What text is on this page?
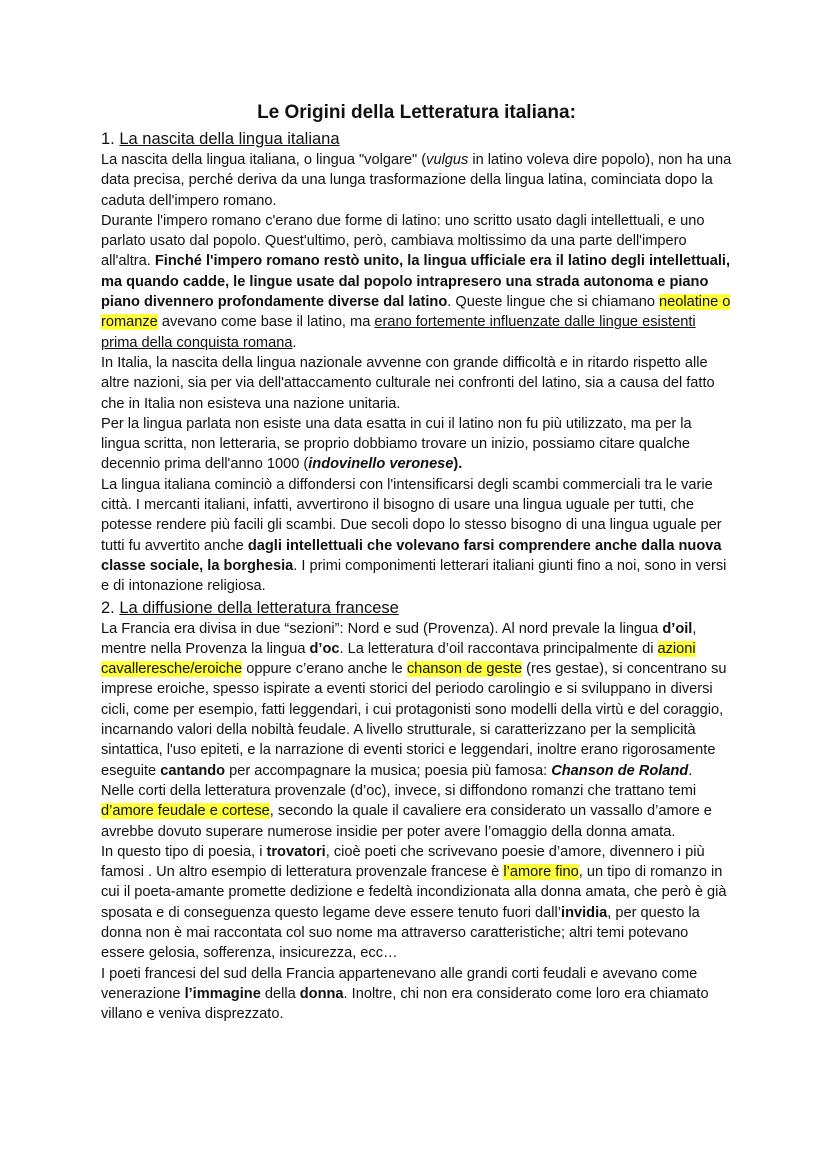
Le Origini della Letteratura italiana:
1. La nascita della lingua italiana

La nascita della lingua italiana, o lingua "volgare" (vulgus in latino voleva dire popolo), non ha una data precisa, perché deriva da una lunga trasformazione della lingua latina, cominciata dopo la caduta dell'impero romano.

Durante l'impero romano c'erano due forme di latino: uno scritto usato dagli intellettuali, e uno parlato usato dal popolo. Quest'ultimo, però, cambiava moltissimo da una parte dell'impero all'altra. Finché l'impero romano restò unito, la lingua ufficiale era il latino degli intellettuali, ma quando cadde, le lingue usate dal popolo intrapresero una strada autonoma e piano piano divennero profondamente diverse dal latino. Queste lingue che si chiamano neolatine o romanze avevano come base il latino, ma erano fortemente influenzate dalle lingue esistenti prima della conquista romana.

In Italia, la nascita della lingua nazionale avvenne con grande difficoltà e in ritardo rispetto alle altre nazioni, sia per via dell'attaccamento culturale nei confronti del latino, sia a causa del fatto che in Italia non esisteva una nazione unitaria.

Per la lingua parlata non esiste una data esatta in cui il latino non fu più utilizzato, ma per la lingua scritta, non letteraria, se proprio dobbiamo trovare un inizio, possiamo citare qualche decennio prima dell'anno 1000 (indovinello veronese).

La lingua italiana cominciò a diffondersi con l'intensificarsi degli scambi commerciali tra le varie città. I mercanti italiani, infatti, avvertirono il bisogno di usare una lingua uguale per tutti, che potesse rendere più facili gli scambi. Due secoli dopo lo stesso bisogno di una lingua uguale per tutti fu avvertito anche dagli intellettuali che volevano farsi comprendere anche dalla nuova classe sociale, la borghesia. I primi componimenti letterari italiani giunti fino a noi, sono in versi e di intonazione religiosa.

2. La diffusione della letteratura francese

La Francia era divisa in due “sezioni”: Nord e sud (Provenza). Al nord prevale la lingua d’oil, mentre nella Provenza la lingua d’oc. La letteratura d’oil raccontava principalmente di azioni cavalleresche/eroiche oppure c’erano anche le chanson de geste (res gestae), si concentrano su imprese eroiche, spesso ispirate a eventi storici del periodo carolingio e si sviluppano in diversi cicli, come per esempio, fatti leggendari, i cui protagonisti sono modelli della virtù e del coraggio, incarnando valori della nobiltà feudale. A livello strutturale, si caratterizzano per la semplicità sintattica, l'uso epiteti, e la narrazione di eventi storici e leggendari, inoltre erano rigorosamente eseguite cantando per accompagnare la musica; poesia più famosa: Chanson de Roland.

Nelle corti della letteratura provenzale (d’oc), invece, si diffondono romanzi che trattano temi d’amore feudale e cortese, secondo la quale il cavaliere era considerato un vassallo d’amore e avrebbe dovuto superare numerose insidie per poter avere l’omaggio della donna amata.

In questo tipo di poesia, i trovatori, cioè poeti che scrivevano poesie d’amore, divennero i più famosi . Un altro esempio di letteratura provenzale francese è l’amore fino, un tipo di romanzo in cui il poeta-amante promette dedizione e fedeltà incondizionata alla donna amata, che però è già sposata e di conseguenza questo legame deve essere tenuto fuori dall’invidia, per questo la donna non è mai raccontata col suo nome ma attraverso caratteristiche; altri temi potevano essere gelosia, sofferenza, insicurezza, ecc…

I poeti francesi del sud della Francia appartenevano alle grandi corti feudali e avevano come venerazione l’immagine della donna. Inoltre, chi non era considerato come loro era chiamato villano e veniva disprezzato.
